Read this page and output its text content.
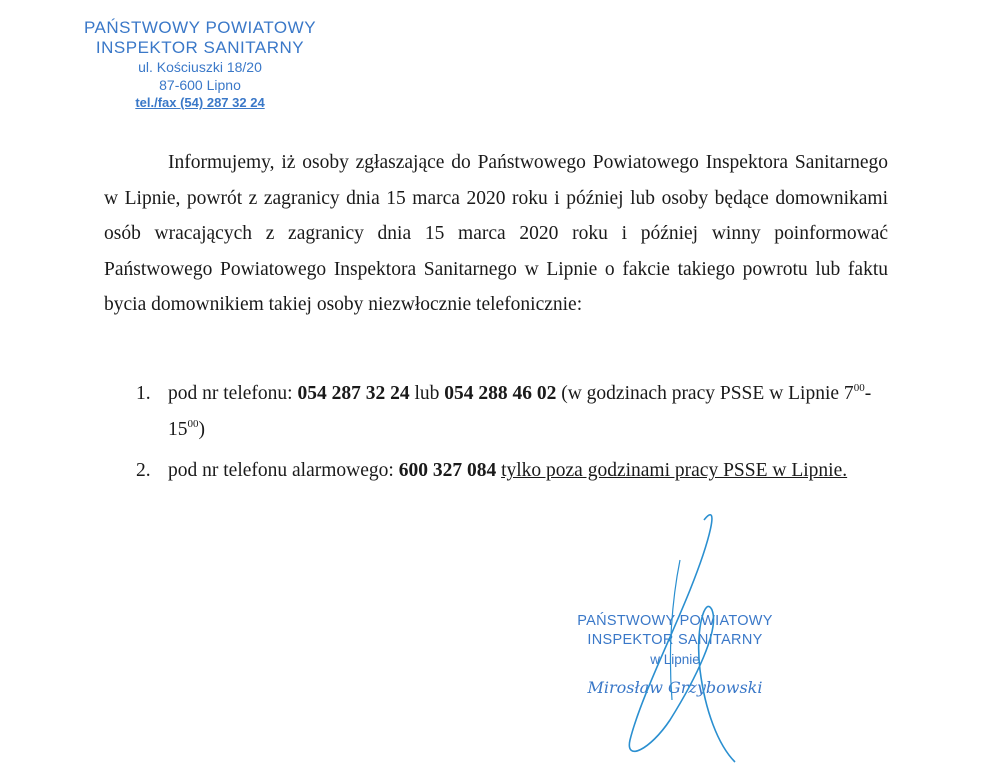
PAŃSTWOWY POWIATOWY
INSPEKTOR SANITARNY
ul. Kościuszki 18/20
87-600 Lipno
tel./fax (54) 287 32 24

Informujemy, iż osoby zgłaszające do Państwowego Powiatowego Inspektora Sanitarnego w Lipnie, powrót z zagranicy dnia 15 marca 2020 roku i później lub osoby będące domownikami osób wracających z zagranicy dnia 15 marca 2020 roku i później winny poinformować Państwowego Powiatowego Inspektora Sanitarnego w Lipnie o fakcie takiego powrotu lub faktu bycia domownikiem takiej osoby niezwłocznie telefonicznie:

1. pod nr telefonu: 054 287 32 24 lub 054 288 46 02 (w godzinach pracy PSSE w Lipnie $7^{00}-15^{00}$)
2. pod nr telefonu alarmowego: 600 327 084 tylko poza godzinami pracy PSSE w Lipnie.
PAŃSTWOWY POWIATOWY
INSPEKTOR SANITARNY
w Lipnie
Mirosław Grzybowski
